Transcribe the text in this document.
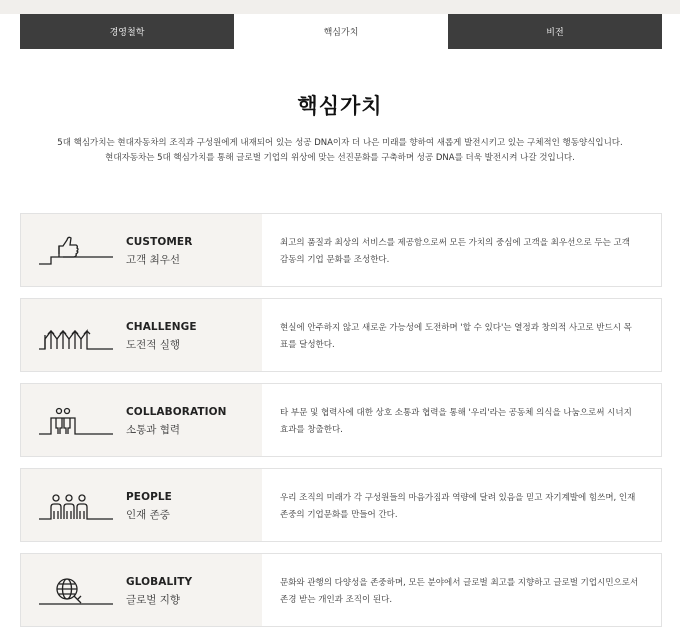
경영철학	핵심가치	비전
핵심가치

5대 핵심가치는 현대자동차의 조직과 구성원에게 내재되어 있는 성공 DNA이자 더 나은 미래를 향하여 새롭게 발전시키고 있는 구체적인 행동양식입니다.

현대자동차는 5대 핵심가치를 통해 글로벌 기업의 위상에 맞는 선진문화를 구축하며 성공 DNA를 더욱 발전시켜 나갈 것입니다.

CUSTOMER
고객 최우선

최고의 품질과 최상의 서비스를 제공함으로써 모든 가치의 중심에 고객을 최우선으로 두는 고객 감동의 기업 문화를 조성한다.

CHALLENGE
도전적 실행

현실에 안주하지 않고 새로운 가능성에 도전하며 '할 수 있다'는 열정과 창의적 사고로 반드시 목표를 달성한다.

COLLABORATION
소통과 협력

타 부문 및 협력사에 대한 상호 소통과 협력을 통해 '우리'라는 공동체 의식을 나눔으로써 시너지효과를 창출한다.

PEOPLE
인재 존중

우리 조직의 미래가 각 구성원들의 마음가짐과 역량에 달려 있음을 믿고 자기계발에 힘쓰며, 인재 존중의 기업문화를 만들어 간다.

GLOBALITY
글로벌 지향

문화와 관행의 다양성을 존중하며, 모든 분야에서 글로벌 최고를 지향하고 글로벌 기업시민으로서 존경 받는 개인과 조직이 된다.
